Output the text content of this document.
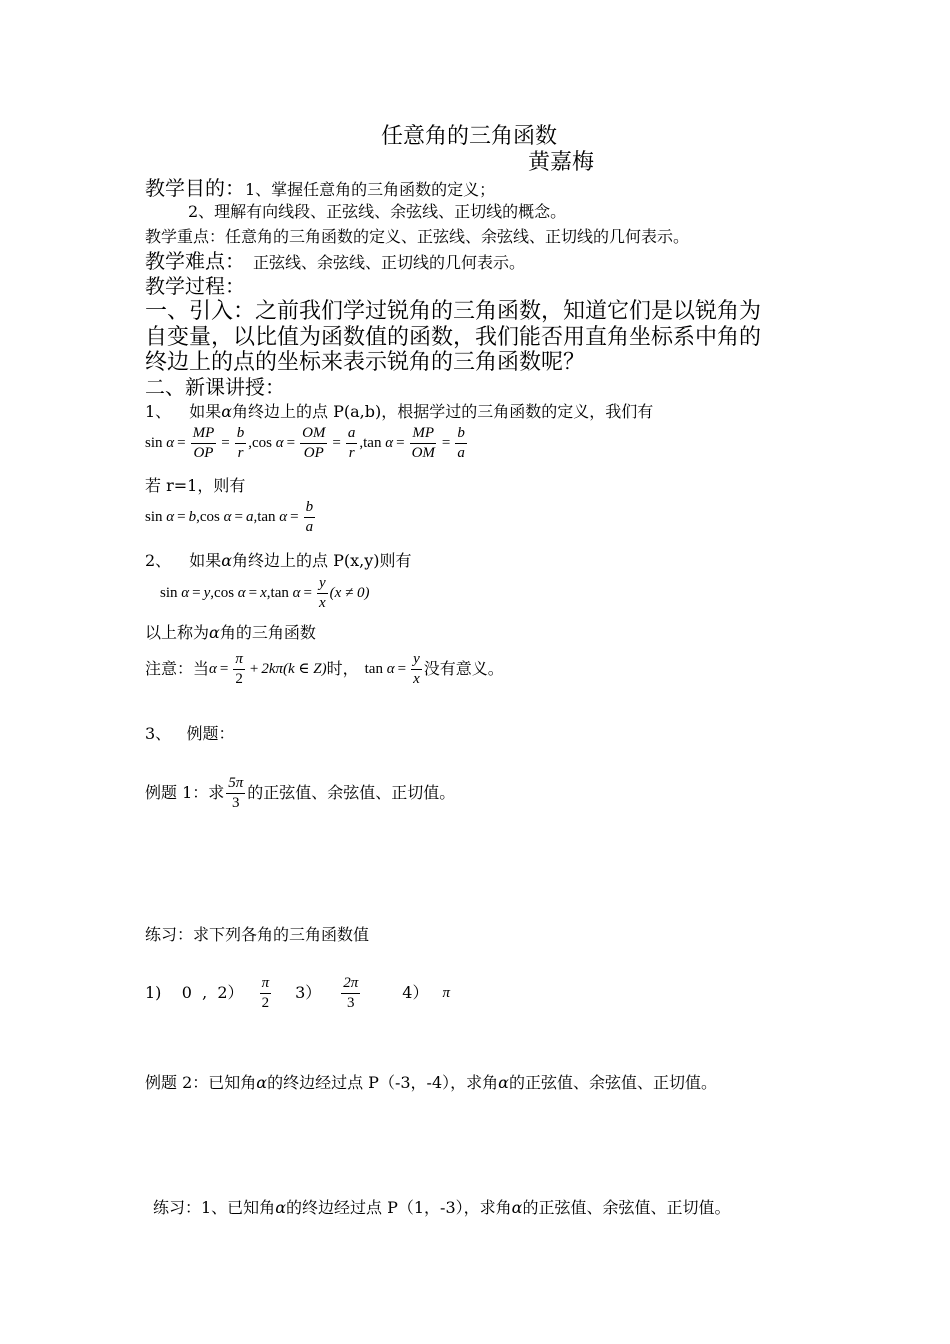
任意角的三角函数
黄嘉梅
教学目的：1、掌握任意角的三角函数的定义；
2、理解有向线段、正弦线、余弦线、正切线的概念。
教学重点：任意角的三角函数的定义、正弦线、余弦线、正切线的几何表示。
教学难点： 正弦线、余弦线、正切线的几何表示。
教学过程：
一、引入：之前我们学过锐角的三角函数，知道它们是以锐角为
自变量，以比值为函数值的函数，我们能否用直角坐标系中角的
终边上的点的坐标来表示锐角的三角函数呢？
二、新课讲授：
1、 如果α角终边上的点 P(a,b)，根据学过的三角函数的定义，我们有
sin
$\alpha = \frac{MP}{OP} = \frac{b}{r}$ , cos
$\alpha = \frac{OM}{OP} = \frac{a}{r}$ , tan
$\alpha = \frac{MP}{OM} = \frac{b}{a}$
若 r=1，则有
sin
α = b , cos
α = a , tan
$\alpha = \frac{b}{a}$
2、 如果α角终边上的点 P(x,y)则有
sin
α = y , cos
α = x , tan
$\alpha = \frac{y}{x} (x \ne 0)$
以上称为α角的三角函数
注意：当 $\alpha = \frac{\pi}{2} + 2k\pi$ (k ∈ Z) 时， tan
$\alpha = \frac{y}{x}$ 没有意义。
3、   例题：
例题 1：求 $\frac{5\pi}{3}$ 的正弦值、余弦值、正切值。
练习：求下列各角的三角函数值
1)    0  ,  $2) \frac{\pi}{2} 3) \frac{2\pi}{3}$	4） π
例题 2：已知角α的终边经过点 P（-3，-4），求角α的正弦值、余弦值、正切值。
练习：1、已知角α的终边经过点 P（1，-3），求角α的正弦值、余弦值、正切值。
